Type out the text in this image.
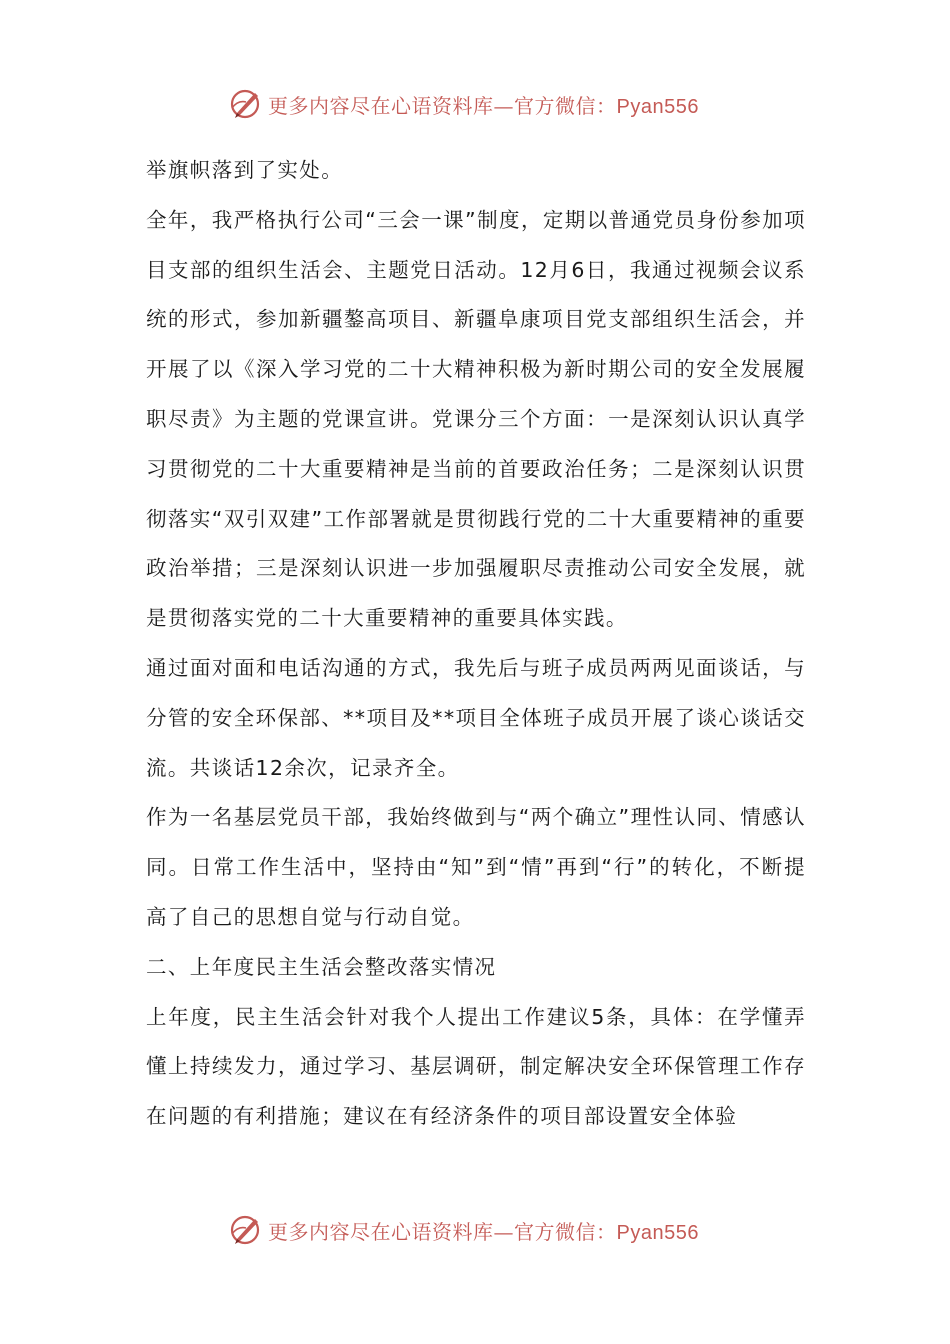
更多内容尽在心语资料库—官方微信：Pyan556

举旗帜落到了实处。

全年，我严格执行公司“三会一课”制度，定期以普通党员身份参加项目支部的组织生活会、主题党日活动。12月6日，我通过视频会议系统的形式，参加新疆鏊高项目、新疆阜康项目党支部组织生活会，并开展了以《深入学习党的二十大精神积极为新时期公司的安全发展履职尽责》为主题的党课宣讲。党课分三个方面：一是深刻认识认真学习贯彻党的二十大重要精神是当前的首要政治任务；二是深刻认识贯彻落实“双引双建”工作部署就是贯彻践行党的二十大重要精神的重要政治举措；三是深刻认识进一步加强履职尽责推动公司安全发展，就是贯彻落实党的二十大重要精神的重要具体实践。

通过面对面和电话沟通的方式，我先后与班子成员两两见面谈话，与分管的安全环保部、**项目及**项目全体班子成员开展了谈心谈话交流。共谈话12余次，记录齐全。

作为一名基层党员干部，我始终做到与“两个确立”理性认同、情感认同。日常工作生活中，坚持由“知”到“情”再到“行”的转化，不断提高了自己的思想自觉与行动自觉。

二、上年度民主生活会整改落实情况

上年度，民主生活会针对我个人提出工作建议5条，具体：在学懂弄懂上持续发力，通过学习、基层调研，制定解决安全环保管理工作存在问题的有利措施；建议在有经济条件的项目部设置安全体验

更多内容尽在心语资料库—官方微信：Pyan556
